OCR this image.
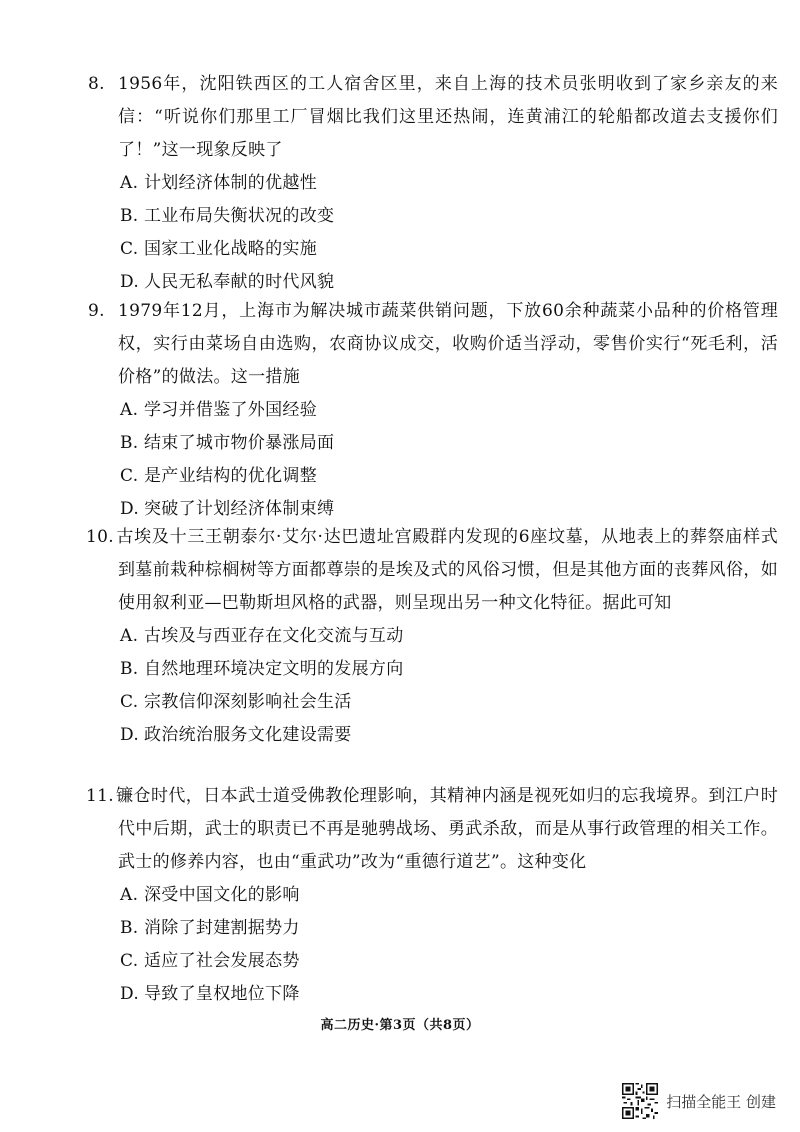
8. 1956年，沈阳铁西区的工人宿舍区里，来自上海的技术员张明收到了家乡亲友的来信：“听说你们那里工厂冒烟比我们这里还热闹，连黄浦江的轮船都改道去支援你们了！”这一现象反映了
A. 计划经济体制的优越性
B. 工业布局失衡状况的改变
C. 国家工业化战略的实施
D. 人民无私奉献的时代风貌
9. 1979年12月，上海市为解决城市蔬菜供销问题，下放60余种蔬菜小品种的价格管理权，实行由菜场自由选购，农商协议成交，收购价适当浮动，零售价实行“死毛利，活价格”的做法。这一措施
A. 学习并借鉴了外国经验
B. 结束了城市物价暴涨局面
C. 是产业结构的优化调整
D. 突破了计划经济体制束缚
10. 古埃及十三王朝泰尔·艾尔·达巴遗址宫殿群内发现的6座坟墓，从地表上的葬祭庙样式到墓前栽种棕榈树等方面都尊崇的是埃及式的风俗习惯，但是其他方面的丧葬风俗，如使用叙利亚—巴勒斯坦风格的武器，则呈现出另一种文化特征。据此可知
A. 古埃及与西亚存在文化交流与互动
B. 自然地理环境决定文明的发展方向
C. 宗教信仰深刻影响社会生活
D. 政治统治服务文化建设需要
11. 镰仓时代，日本武士道受佛教伦理影响，其精神内涵是视死如归的忘我境界。到江户时代中后期，武士的职责已不再是驰骋战场、勇武杀敌，而是从事行政管理的相关工作。武士的修养内容，也由“重武功”改为“重德行道艺”。这种变化
A. 深受中国文化的影响
B. 消除了封建割据势力
C. 适应了社会发展态势
D. 导致了皇权地位下降
高二历史·第3页（共8页）
扫描全能王 创建
